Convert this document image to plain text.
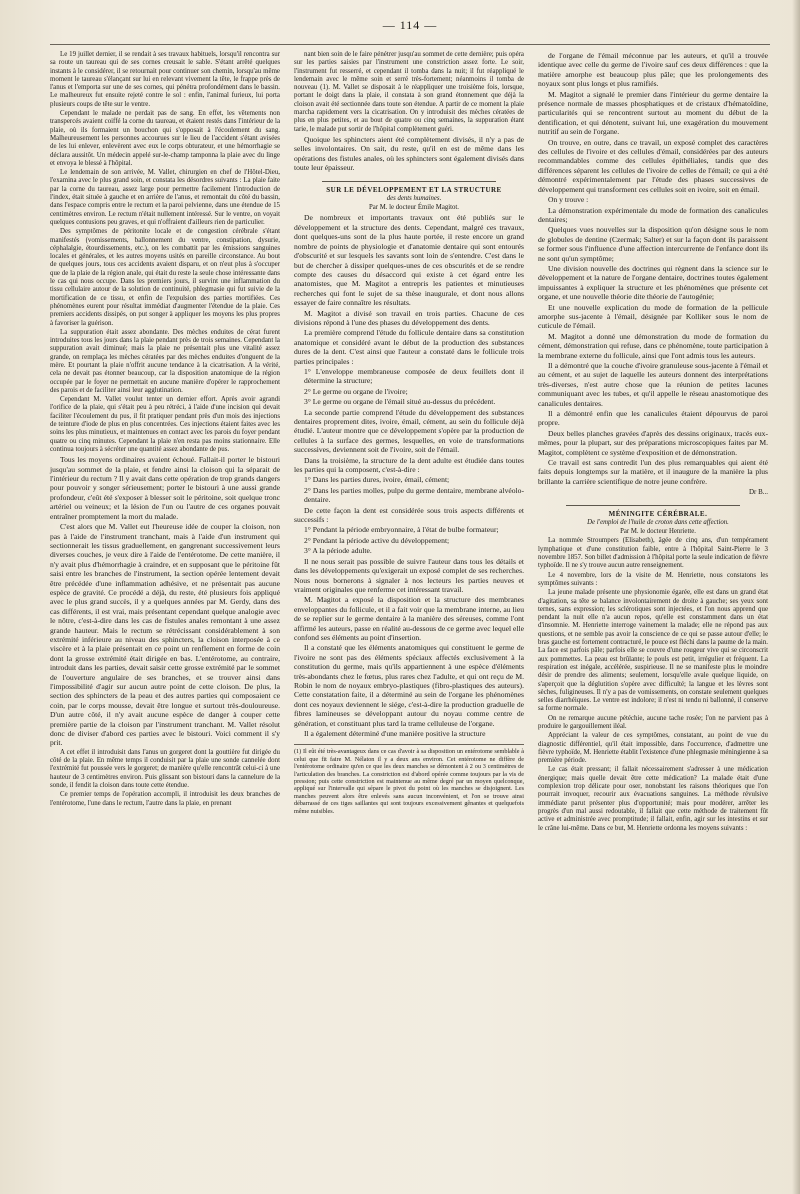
— 114 —

Le 19 juillet dernier, il se rendait à ses travaux habituels, lorsqu'il rencontra sur sa route un taureau qui de ses cornes creusait le sable. S'étant arrêté quelques instants à le considérer, il se retournait pour continuer son chemin, lorsqu'au même moment le taureau s'élançant sur lui en relevant vivement la tête, le frappe près de l'anus et l'emporta sur une de ses cornes, qui pénétra profondément dans le bassin. Le malheureux fut ensuite rejeté contre le sol : enfin, l'animal furieux, lui porta plusieurs coups de tête sur le ventre.

Cependant le malade ne perdait pas de sang. En effet, les vêtements non transpercés avaient coiffé la corne du taureau, et étaient restés dans l'intérieur de la plaie, où ils formaient un bouchon qui s'opposait à l'écoulement du sang. Malheureusement les personnes accourues sur le lieu de l'accident s'étant avisées de les lui enlever, enlevèrent avec eux le corps obturateur, et une hémorrhagie se déclara aussitôt. Un médecin appelé sur-le-champ tamponna la plaie avec du linge et envoya le blessé à l'hôpital.

Le lendemain de son arrivée, M. Vallet, chirurgien en chef de l'Hôtel-Dieu, l'examina avec le plus grand soin, et constata les désordres suivants : La plaie faite par la corne du taureau, assez large pour permettre facilement l'introduction de l'index, était située à gauche et en arrière de l'anus, et remontait du côté du bassin, dans l'espace compris entre le rectum et la paroi pelvienne, dans une étendue de 15 centimètres environ. Le rectum n'était nullement intéressé. Sur le ventre, on voyait quelques contusions peu graves, et qui n'offraient d'ailleurs rien de particulier.

Des symptômes de péritonite locale et de congestion cérébrale s'étant manifestés (vomissements, ballonnement du ventre, constipation, dysurie, céphalalgie, étourdissements, etc.), on les combattit par les émissions sanguines locales et générales, et les autres moyens usités en pareille circonstance. Au bout de quelques jours, tous ces accidents avaient disparu, et on n'eut plus à s'occuper que de la plaie de la région anale, qui était du reste la seule chose intéressante dans le cas qui nous occupe. Dans les premiers jours, il survint une inflammation du tissu cellulaire autour de la solution de continuité, phlegmasie qui fut suivie de la mortification de ce tissu, et enfin de l'expulsion des parties mortifiées. Ces phénomènes eurent pour résultat immédiat d'augmenter l'étendue de la plaie. Ces premiers accidents dissipés, on put songer à appliquer les moyens les plus propres à favoriser la guérison.

La suppuration était assez abondante. Des mèches enduites de cérat furent introduites tous les jours dans la plaie pendant près de trois semaines. Cependant la suppuration avait diminué; mais la plaie ne présentait plus une vitalité assez grande, on remplaça les mèches cératées par des mèches enduites d'onguent de la mère. Et pourtant la plaie n'offrit aucune tendance à la cicatrisation. A la vérité, cela ne devait pas étonner beaucoup, car la disposition anatomique de la région occupée par le foyer ne permettait en aucune manière d'opérer le rapprochement des parois et de faciliter ainsi leur agglutination.

Cependant M. Vallet voulut tenter un dernier effort. Après avoir agrandi l'orifice de la plaie, qui s'était peu à peu rétréci, à l'aide d'une incision qui devait faciliter l'écoulement du pus, il fit pratiquer pendant près d'un mois des injections de teinture d'iode de plus en plus concentrées. Ces injections étaient faites avec les soins les plus minutieux, et maintenues en contact avec les parois du foyer pendant quatre ou cinq minutes. Cependant la plaie n'en resta pas moins stationnaire. Elle continua toujours à sécréter une quantité assez abondante de pus.

Tous les moyens ordinaires avaient échoué. Fallait-il porter le bistouri jusqu'au sommet de la plaie, et fendre ainsi la cloison qui la séparait de l'intérieur du rectum ? Il y avait dans cette opération de trop grands dangers pour pouvoir y songer sérieusement; porter le bistouri à une aussi grande profondeur, c'eût été s'exposer à blesser soit le péritoine, soit quelque tronc artériel ou veineux; et la lésion de l'un ou l'autre de ces organes pouvait entraîner promptement la mort du malade.

C'est alors que M. Vallet eut l'heureuse idée de couper la cloison, non pas à l'aide de l'instrument tranchant, mais à l'aide d'un instrument qui sectionnerait les tissus graduellement, en gangrenant successivement leurs diverses couches, je veux dire à l'aide de l'entérotome. De cette manière, il n'y avait plus d'hémorrhagie à craindre, et en supposant que le péritoine fût saisi entre les branches de l'instrument, la section opérée lentement devait être précédée d'une inflammation adhésive, et ne présentait pas aucune espèce de gravité. Ce procédé a déjà, du reste, été plusieurs fois appliqué avec le plus grand succès, il y a quelques années par M. Gerdy, dans des cas différents, il est vrai, mais présentant cependant quelque analogie avec le nôtre, c'est-à-dire dans les cas de fistules anales remontant à une assez grande hauteur. Mais le rectum se rétrécissant considérablement à son extrémité inférieure au niveau des sphincters, la cloison interposée à ce viscère et à la plaie présentait en ce point un renflement en forme de coin dont la grosse extrémité était dirigée en bas. L'entérotome, au contraire, introduit dans les parties, devait saisir cette grosse extrémité par le sommet de l'ouverture angulaire de ses branches, et se trouver ainsi dans l'impossibilité d'agir sur aucun autre point de cette cloison. De plus, la section des sphincters de la peau et des autres parties qui composaient ce coin, par le corps mousse, devait être longue et surtout très-douloureuse. D'un autre côté, il n'y avait aucune espèce de danger à couper cette première partie de la cloison par l'instrument tranchant. M. Vallet résolut donc de diviser d'abord ces parties avec le bistouri. Voici comment il s'y prit.

A cet effet il introduisit dans l'anus un gorgeret dont la gouttière fut dirigée du côté de la plaie. En même temps il conduisit par la plaie une sonde cannelée dont l'extrémité fut poussée vers le gorgeret; de manière qu'elle rencontrât celui-ci à une hauteur de 3 centimètres environ. Puis glissant son bistouri dans la cannelure de la sonde, il fendit la cloison dans toute cette étendue.

Ce premier temps de l'opération accompli, il introduisit les deux branches de l'entérotome, l'une dans le rectum, l'autre dans la plaie, en prenant

nant bien soin de le faire pénétrer jusqu'au sommet de cette dernière; puis opéra sur les parties saisies par l'instrument une constriction assez forte. Le soir, l'instrument fut resserré, et cependant il tomba dans la nuit; il fut réappliqué le lendemain avec le même soin et serré très-fortement; néanmoins il tomba de nouveau (1). M. Vallet se disposait à le réappliquer une troisième fois, lorsque, portant le doigt dans la plaie, il constata à son grand étonnement que déjà la cloison avait été sectionnée dans toute son étendue. A partir de ce moment la plaie marcha rapidement vers la cicatrisation. On y introduisit des mèches cératées de plus en plus petites, et au bout de quatre ou cinq semaines, la suppuration étant tarie, le malade put sortir de l'hôpital complètement guéri.

Quoique les sphincters aient été complètement divisés, il n'y a pas de selles involontaires. On sait, du reste, qu'il en est de même dans les opérations des fistules anales, où les sphincters sont également divisés dans toute leur épaisseur.

SUR LE DÉVELOPPEMENT ET LA STRUCTURE

des dents humaines.

Par M. le docteur Émile Magitot.

De nombreux et importants travaux ont été publiés sur le développement et la structure des dents. Cependant, malgré ces travaux, dont quelques-uns sont de la plus haute portée, il reste encore un grand nombre de points de physiologie et d'anatomie dentaire qui sont entourés d'obscurité et sur lesquels les savants sont loin de s'entendre. C'est dans le but de chercher à dissiper quelques-unes de ces obscurités et de se rendre compte des causes du désaccord qui existe à cet égard entre les anatomistes, que M. Magitot a entrepris les patientes et minutieuses recherches qui font le sujet de sa thèse inaugurale, et dont nous allons essayer de faire connaître les résultats.

M. Magitot a divisé son travail en trois parties. Chacune de ces divisions répond à l'une des phases du développement des dents.

La première comprend l'étude du follicule dentaire dans sa constitution anatomique et considéré avant le début de la production des substances dures de la dent. C'est ainsi que l'auteur a constaté dans le follicule trois parties principales :

1° L'enveloppe membraneuse composée de deux feuillets dont il détermine la structure;

2° Le germe ou organe de l'ivoire;

3° Le germe ou organe de l'émail situé au-dessus du précédent.

La seconde partie comprend l'étude du développement des substances dentaires proprement dites, ivoire, émail, cément, au sein du follicule déjà étudié. L'auteur montre que ce développement s'opère par la production de cellules à la surface des germes, lesquelles, en voie de transformations successives, deviennent soit de l'ivoire, soit de l'émail.

Dans la troisième, la structure de la dent adulte est étudiée dans toutes les parties qui la composent, c'est-à-dire :

1° Dans les parties dures, ivoire, émail, cément;

2° Dans les parties molles, pulpe du germe dentaire, membrane alvéolo-dentaire.

De cette façon la dent est considérée sous trois aspects différents et successifs :

1° Pendant la période embryonnaire, à l'état de bulbe formateur;

2° Pendant la période active du développement;

3° A la période adulte.

Il ne nous serait pas possible de suivre l'auteur dans tous les détails et dans les développements qu'exigerait un exposé complet de ses recherches. Nous nous bornerons à signaler à nos lecteurs les parties neuves et vraiment originales que renferme cet intéressant travail.

M. Magitot a exposé la disposition et la structure des membranes enveloppantes du follicule, et il a fait voir que la membrane interne, au lieu de se replier sur le germe dentaire à la manière des séreuses, comme l'ont affirmé les auteurs, passe en réalité au-dessous de ce germe avec lequel elle confond ses éléments au point d'insertion.

Il a constaté que les éléments anatomiques qui constituent le germe de l'ivoire ne sont pas des éléments spéciaux affectés exclusivement à la constitution du germe, mais qu'ils appartiennent à une espèce d'éléments très-abondants chez le fœtus, plus rares chez l'adulte, et qui ont reçu de M. Robin le nom de noyaux embryo-plastiques (fibro-plastiques des auteurs). Cette constatation faite, il a déterminé au sein de l'organe les phénomènes dont ces noyaux deviennent le siége, c'est-à-dire la production graduelle de fibres lamineuses se développant autour du noyau comme centre de génération, et constituant plus tard la trame celluleuse de l'organe.

Il a également déterminé d'une manière positive la structure

(1) Il eût été très-avantageux dans ce cas d'avoir à sa disposition un entérotome semblable à celui que fit faire M. Nélaton il y a deux ans environ. Cet entérotome ne diffère de l'entérotome ordinaire qu'en ce que les deux manches se démontent à 2 ou 3 centimètres de l'articulation des branches. La constriction est d'abord opérée comme toujours par la vis de pression; puis cette constriction est maintenue au même degré par un moyen quelconque, appliqué sur l'intervalle qui sépare le pivot du point où les manches se disjoignent. Les manches peuvent alors être enlevés sans aucun inconvénient, et l'on se trouve ainsi débarrassé de ces tiges saillantes qui sont toujours excessivement gênantes et quelquefois même nuisibles.

de l'organe de l'émail méconnue par les auteurs, et qu'il a trouvée identique avec celle du germe de l'ivoire sauf ces deux différences : que la matière amorphe est beaucoup plus pâle; que les prolongements des noyaux sont plus longs et plus ramifiés.

M. Magitot a signalé le premier dans l'intérieur du germe dentaire la présence normale de masses phosphatiques et de cristaux d'hématoïdine, particularités qui se rencontrent surtout au moment du début de la dentification, et qui dénotent, suivant lui, une exagération du mouvement nutritif au sein de l'organe.

On trouve, en outre, dans ce travail, un exposé complet des caractères des cellules de l'ivoire et des cellules d'émail, considérées par des auteurs recommandables comme des cellules épithéliales, tandis que des différences séparent les cellules de l'ivoire de celles de l'émail; ce qui a été démontré expérimentalement par l'étude des phases successives de développement qui transforment ces cellules soit en ivoire, soit en émail.

On y trouve :

La démonstration expérimentale du mode de formation des canalicules dentaires;

Quelques vues nouvelles sur la disposition qu'on désigne sous le nom de globules de dentine (Czermak; Salter) et sur la façon dont ils paraissent se former sous l'influence d'une affection intercurrente de l'enfance dont ils ne sont qu'un symptôme;

Une division nouvelle des doctrines qui règnent dans la science sur le développement et la nature de l'organe dentaire, doctrines toutes également impuissantes à expliquer la structure et les phénomènes que présente cet organe, et une nouvelle théorie dite théorie de l'autogénie;

Et une nouvelle explication du mode de formation de la pellicule amorphe sus-jacente à l'émail, désignée par Kolliker sous le nom de cuticule de l'émail.

M. Magitot a donné une démonstration du mode de formation du cément, démonstration qui refuse, dans ce phénomène, toute participation à la membrane externe du follicule, ainsi que l'ont admis tous les auteurs.

Il a démontré que la couche d'ivoire granuleuse sous-jacente à l'émail et au cément, et au sujet de laquelle les auteurs donnent des interprétations très-diverses, n'est autre chose que la réunion de petites lacunes communiquant avec les tubes, et qu'il appelle le réseau anastomotique des canalicules dentaires.

Il a démontré enfin que les canalicules étaient dépourvus de paroi propre.

Deux belles planches gravées d'après des dessins originaux, tracés eux-mêmes, pour la plupart, sur des préparations microscopiques faites par M. Magitot, complètent ce système d'exposition et de démonstration.

Ce travail est sans contredit l'un des plus remarquables qui aient été faits depuis longtemps sur la matière, et il inaugure de la manière la plus brillante la carrière scientifique de notre jeune confrère.

Dr B...

MÉNINGITE CÉRÉBRALE.

De l'emploi de l'huile de croton dans cette affection.

Par M. le docteur Henriette.

La nommée Stroumpers (Elisabeth), âgée de cinq ans, d'un tempérament lymphatique et d'une constitution faible, entre à l'hôpital Saint-Pierre le 3 novembre 1857. Son billet d'admission à l'hôpital porte la seule indication de fièvre typhoïde. Il ne s'y trouve aucun autre renseignement.

Le 4 novembre, lors de la visite de M. Henriette, nous constatons les symptômes suivants :

La jeune malade présente une physionomie égarée, elle est dans un grand état d'agitation, sa tête se balance involontairement de droite à gauche; ses yeux sont ternes, sans expression; les sclérotiques sont injectées, et l'on nous apprend que pendant la nuit elle n'a aucun repos, qu'elle est constamment dans un état d'insomnie. M. Henriette interroge vainement la malade; elle ne répond pas aux questions, et ne semble pas avoir la conscience de ce qui se passe autour d'elle; le bras gauche est fortement contracturé, le pouce est fléchi dans la paume de la main. La face est parfois pâle; parfois elle se couvre d'une rougeur vive qui se circonscrit aux pommettes. La peau est brûlante; le pouls est petit, irrégulier et fréquent. La respiration est inégale, accélérée, suspirieuse. Il ne se manifeste plus le moindre désir de prendre des aliments; seulement, lorsqu'elle avale quelque liquide, on s'aperçoit que la déglutition s'opère avec difficulté; la langue et les lèvres sont sèches, fuligineuses. Il n'y a pas de vomissements, on constate seulement quelques selles diarrhéiques. Le ventre est indolore; il n'est ni tendu ni ballonné, il conserve sa forme normale.

On ne remarque aucune pétéchie, aucune tache rosée; l'on ne parvient pas à produire le gargouillement iléal.

Appréciant la valeur de ces symptômes, constatant, au point de vue du diagnostic différentiel, qu'il était impossible, dans l'occurrence, d'admettre une fièvre typhoïde, M. Henriette établit l'existence d'une phlegmasie méningienne à sa première période.

Le cas était pressant; il fallait nécessairement s'adresser à une médication énergique; mais quelle devait être cette médication? La malade était d'une complexion trop délicate pour oser, nonobstant les raisons théoriques que l'on pourrait invoquer, recourir aux évacuations sanguines. La méthode révulsive immédiate parut présenter plus d'opportunité; mais pour modérer, arrêter les progrès d'un mal aussi redoutable, il fallait que cette méthode de traitement fût active et administrée avec promptitude; il fallait, enfin, agir sur les intestins et sur le crâne lui-même. Dans ce but, M. Henriette ordonna les moyens suivants :
